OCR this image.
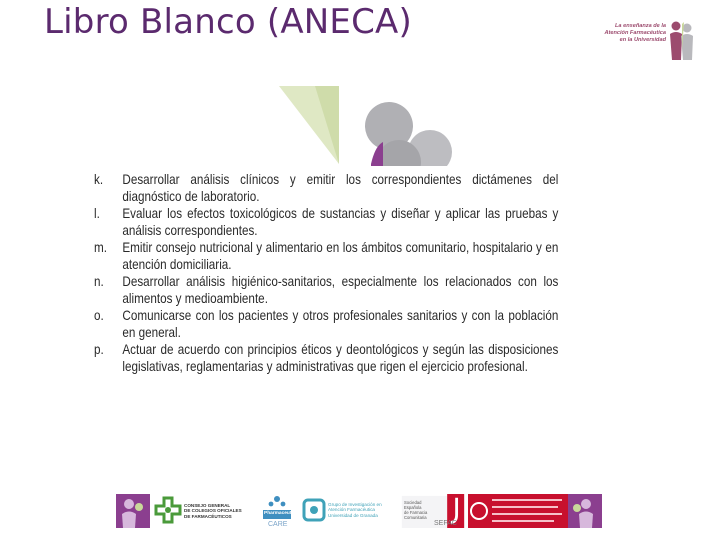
Libro Blanco (ANECA)	La enseñanza de la
Atención Farmacéutica
en la Universidad
k.	Desarrollar análisis clínicos y emitir los correspondientes dictámenes del diagnóstico de laboratorio.
l.	Evaluar los efectos toxicológicos de sustancias y diseñar y aplicar las pruebas y análisis correspondientes.
m.	Emitir consejo nutricional y alimentario en los ámbitos comunitario, hospitalario y en atención domiciliaria.
n.	Desarrollar análisis higiénico-sanitarios, especialmente los relacionados con los alimentos y medioambiente.
o.	Comunicarse con los pacientes y otros profesionales sanitarios y con la población en general.
p.	Actuar de acuerdo con principios éticos y deontológicos y según las disposiciones legislativas, reglamentarias y administrativas que rigen el ejercicio profesional.
CONSEJO GENERAL
DE COLEGIOS OFICIALES
DE FARMACÉUTICOS
Pharmaceutical
CARE
Grupo de Investigación en
Atención Farmacéutica
Universidad de Granada
Sociedad
Española
de Farmacia
Comunitaria
SEFAC
